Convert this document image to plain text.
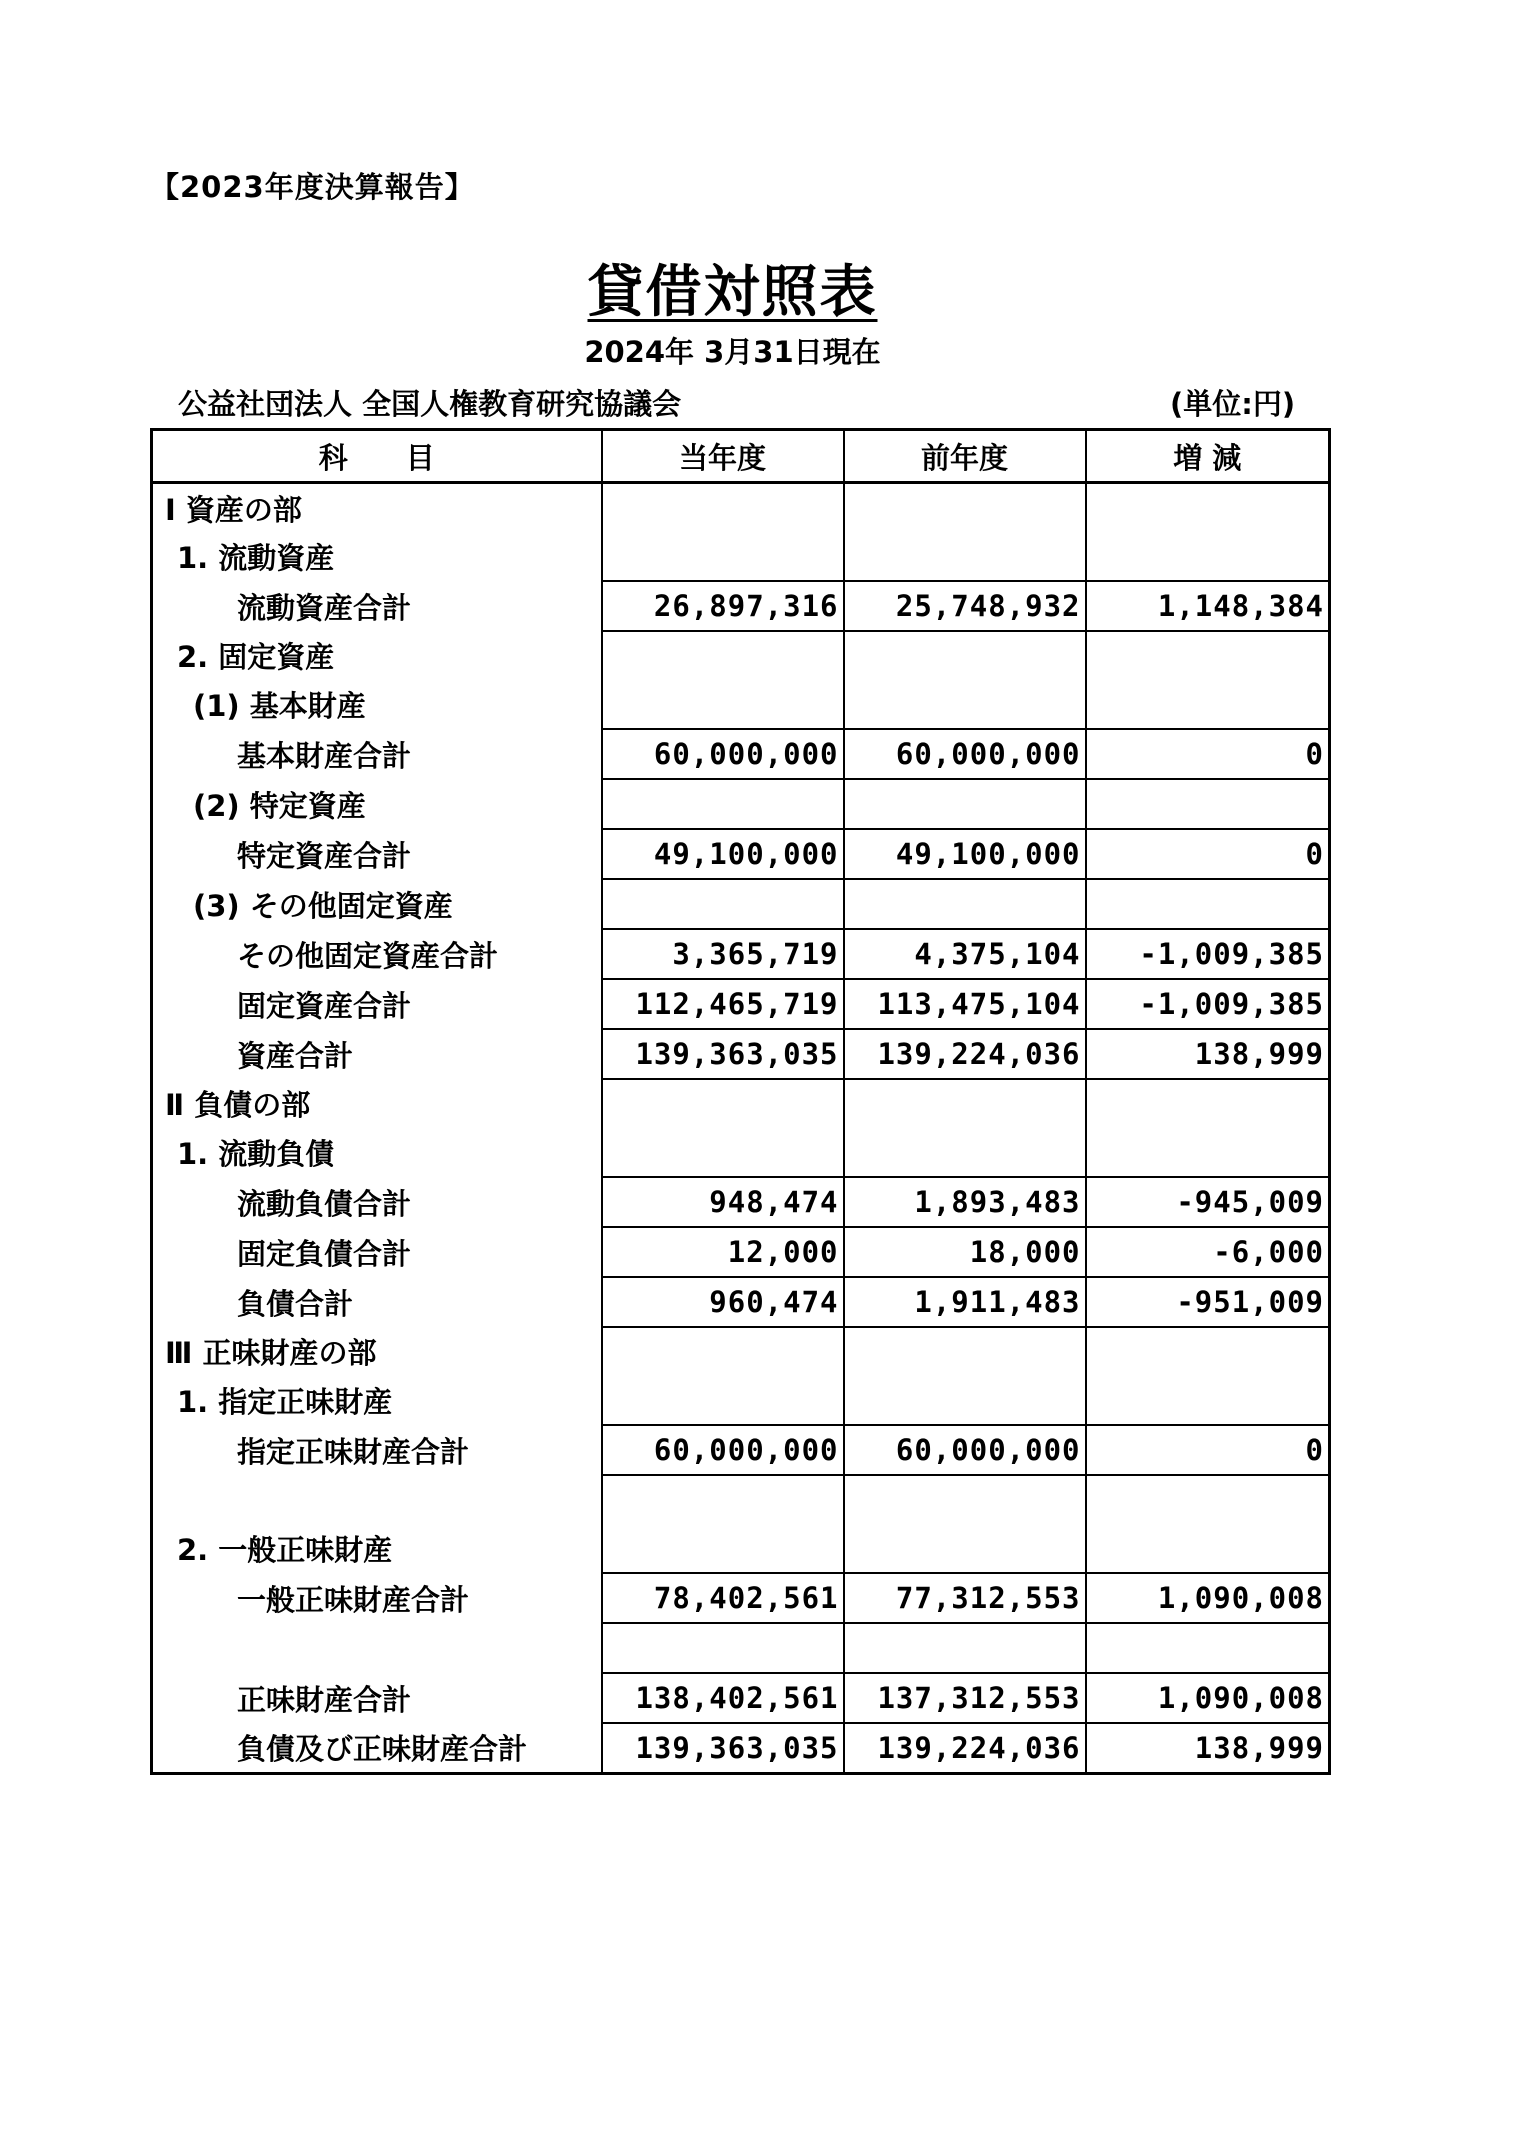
【2023年度決算報告】
貸借対照表
2024年 3月31日現在
公益社団法人 全国人権教育研究協議会	(単位:円)
科　　目	当年度	前年度	増 減
Ⅰ 資産の部			
1. 流動資産			
流動資産合計	26,897,316	25,748,932	1,148,384
2. 固定資産			
(1) 基本財産			
基本財産合計	60,000,000	60,000,000	0
(2) 特定資産			
特定資産合計	49,100,000	49,100,000	0
(3) その他固定資産			
その他固定資産合計	3,365,719	4,375,104	-1,009,385
固定資産合計	112,465,719	113,475,104	-1,009,385
資産合計	139,363,035	139,224,036	138,999
Ⅱ 負債の部			
1. 流動負債			
流動負債合計	948,474	1,893,483	-945,009
固定負債合計	12,000	18,000	-6,000
負債合計	960,474	1,911,483	-951,009
Ⅲ 正味財産の部			
1. 指定正味財産			
指定正味財産合計	60,000,000	60,000,000	0

2. 一般正味財産			
一般正味財産合計	78,402,561	77,312,553	1,090,008

正味財産合計	138,402,561	137,312,553	1,090,008
負債及び正味財産合計	139,363,035	139,224,036	138,999
